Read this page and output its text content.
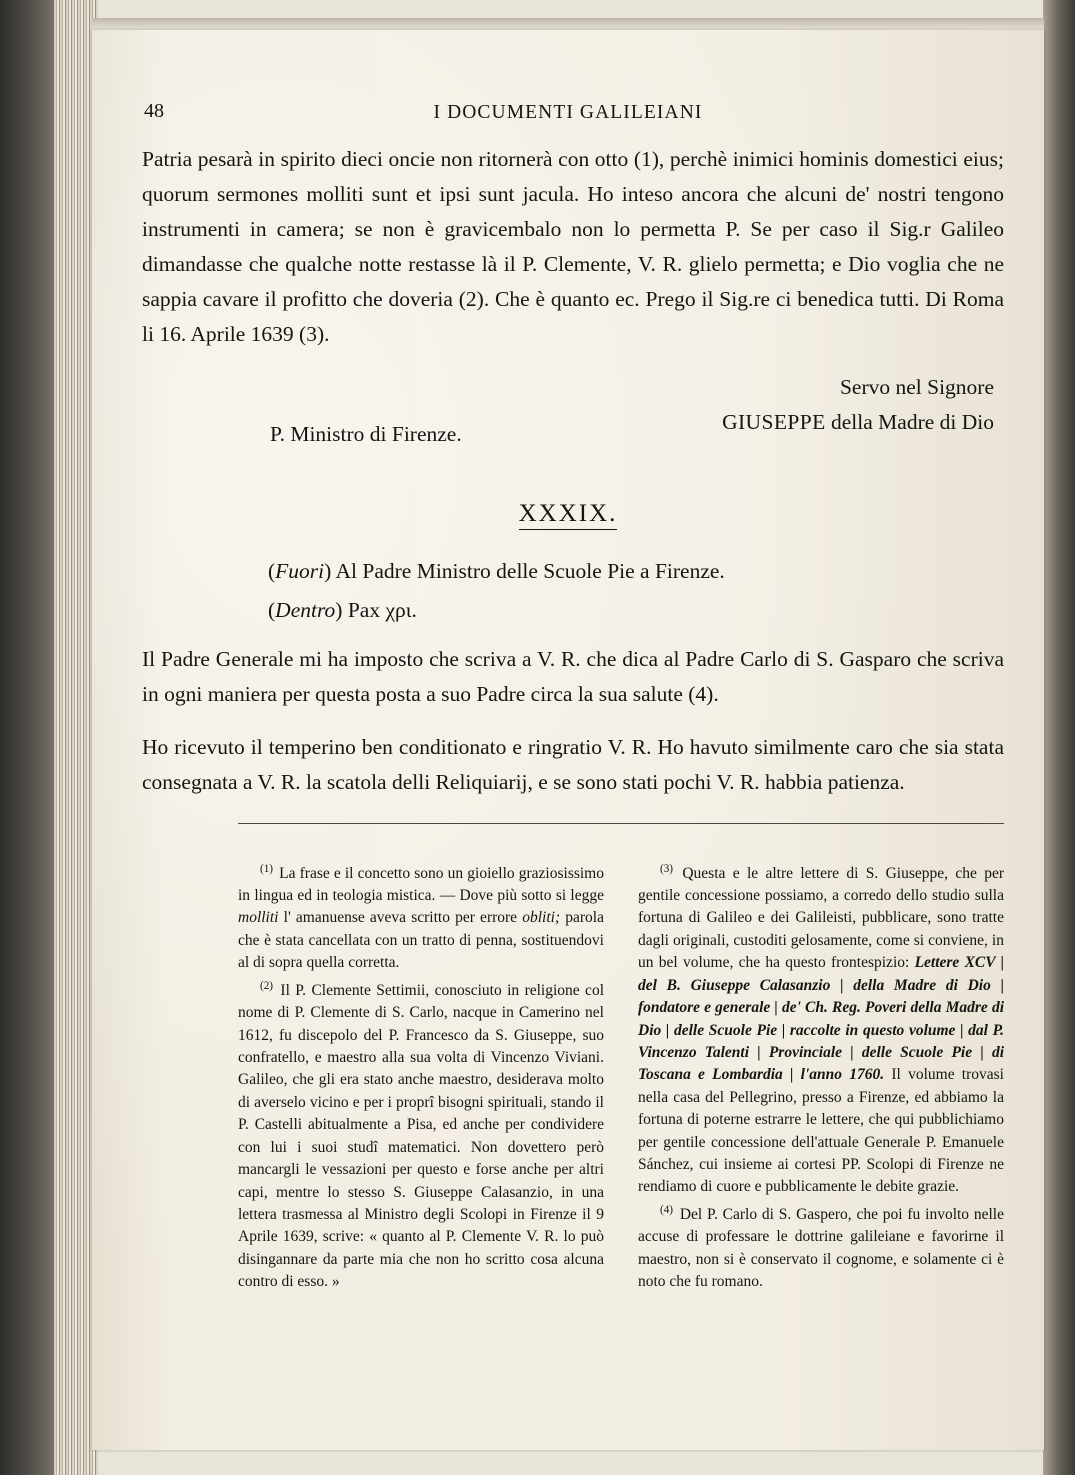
48	I DOCUMENTI GALILEIANI
Patria pesarà in spirito dieci oncie non ritornerà con otto (1), perchè inimici hominis domestici eius; quorum sermones molliti sunt et ipsi sunt jacula. Ho inteso ancora che alcuni de' nostri tengono instrumenti in camera; se non è gravicembalo non lo permetta P. Se per caso il Sig.r Galileo dimandasse che qualche notte restasse là il P. Clemente, V. R. glielo permetta; e Dio voglia che ne sappia cavare il profitto che doveria (2). Che è quanto ec. Prego il Sig.re ci benedica tutti. Di Roma li 16. Aprile 1639 (3).
Servo nel Signore
GIUSEPPE della Madre di Dio
P. Ministro di Firenze.
XXXIX.
(Fuori) Al Padre Ministro delle Scuole Pie a Firenze.
(Dentro) Pax χρι.
Il Padre Generale mi ha imposto che scriva a V. R. che dica al Padre Carlo di S. Gasparo che scriva in ogni maniera per questa posta a suo Padre circa la sua salute (4).
Ho ricevuto il temperino ben conditionato e ringratio V. R. Ho havuto similmente caro che sia stata consegnata a V. R. la scatola delli Reliquiarij, e se sono stati pochi V. R. habbia patienza.

$^{(1)}$ La frase e il concetto sono un gioiello graziosissimo in lingua ed in teologia mistica. — Dove più sotto si legge molliti l' amanuense aveva scritto per errore obliti; parola che è stata cancellata con un tratto di penna, sostituendovi al di sopra quella corretta.

$^{(2)}$ Il P. Clemente Settimii, conosciuto in religione col nome di P. Clemente di S. Carlo, nacque in Camerino nel 1612, fu discepolo del P. Francesco da S. Giuseppe, suo confratello, e maestro alla sua volta di Vincenzo Viviani. Galileo, che gli era stato anche maestro, desiderava molto di averselo vicino e per i proprî bisogni spirituali, stando il P. Castelli abitualmente a Pisa, ed anche per condividere con lui i suoi studî matematici. Non dovettero però mancargli le vessazioni per questo e forse anche per altri capi, mentre lo stesso S. Giuseppe Calasanzio, in una lettera trasmessa al Ministro degli Scolopi in Firenze il 9 Aprile 1639, scrive: « quanto al P. Clemente V. R. lo può disingannare da parte mia che non ho scritto cosa alcuna contro di esso. »

$^{(3)}$ Questa e le altre lettere di S. Giuseppe, che per gentile concessione possiamo, a corredo dello studio sulla fortuna di Galileo e dei Galileisti, pubblicare, sono tratte dagli originali, custoditi gelosamente, come si conviene, in un bel volume, che ha questo frontespizio: Lettere XCV | del B. Giuseppe Calasanzio | della Madre di Dio | fondatore e generale | de' Ch. Reg. Poveri della Madre di Dio | delle Scuole Pie | raccolte in questo volume | dal P. Vincenzo Talenti | Provinciale | delle Scuole Pie | di Toscana e Lombardia | l'anno 1760. Il volume trovasi nella casa del Pellegrino, presso a Firenze, ed abbiamo la fortuna di poterne estrarre le lettere, che qui pubblichiamo per gentile concessione dell'attuale Generale P. Emanuele Sánchez, cui insieme ai cortesi PP. Scolopi di Firenze ne rendiamo di cuore e pubblicamente le debite grazie.

$^{(4)}$ Del P. Carlo di S. Gaspero, che poi fu involto nelle accuse di professare le dottrine galileiane e favorirne il maestro, non si è conservato il cognome, e solamente ci è noto che fu romano.
